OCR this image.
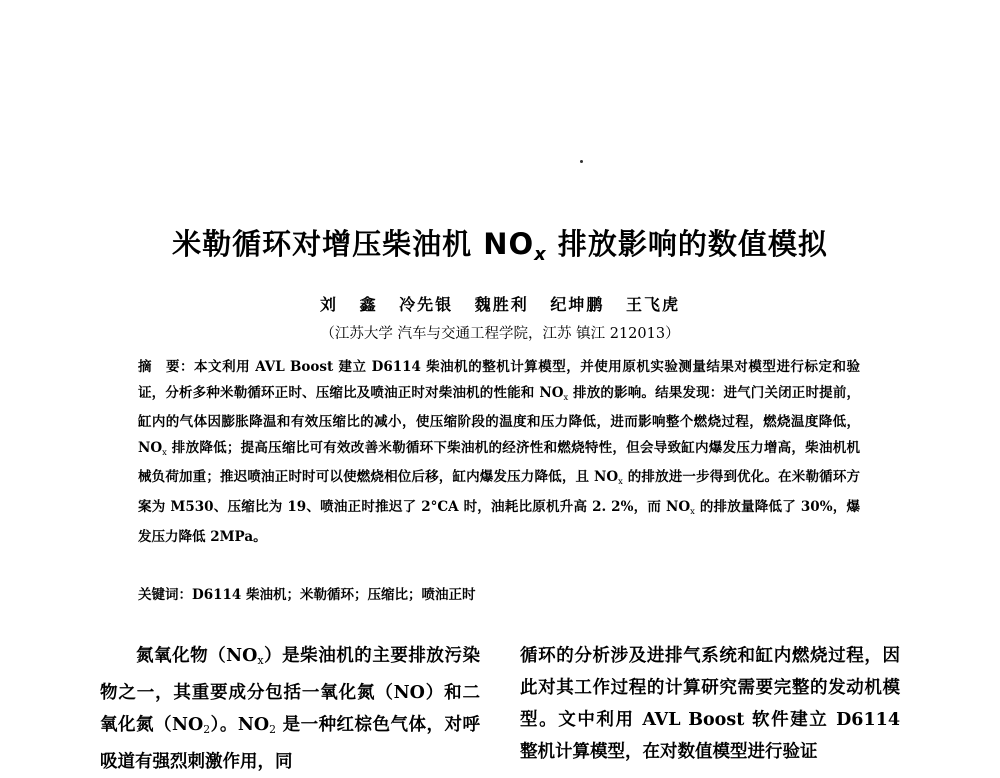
米勒循环对增压柴油机 $NO_x$ 排放影响的数值模拟
刘 鑫 冷先银 魏胜利 纪坤鹏 王飞虎
（江苏大学 汽车与交通工程学院，江苏 镇江 212013）
摘　要：本文利用 AVL Boost 建立 D6114 柴油机的整机计算模型，并使用原机实验测量结果对模型进行标定和验证，分析多种米勒循环正时、压缩比及喷油正时对柴油机的性能和 $NO_x$ 排放的影响。结果发现：进气门关闭正时提前，缸内的气体因膨胀降温和有效压缩比的减小，使压缩阶段的温度和压力降低，进而影响整个燃烧过程，燃烧温度降低，$NO_x$ 排放降低；提高压缩比可有效改善米勒循环下柴油机的经济性和燃烧特性，但会导致缸内爆发压力增高，柴油机机械负荷加重；推迟喷油正时时可以使燃烧相位后移，缸内爆发压力降低，且 $NO_x$ 的排放进一步得到优化。在米勒循环方案为 M530、压缩比为 19、喷油正时推迟了 2°CA 时，油耗比原机升高 2. 2%，而 $NO_x$ 的排放量降低了 30%，爆发压力降低 2MPa。
关键词：D6114 柴油机；米勒循环；压缩比；喷油正时

氮氧化物$(NO_x)$是柴油机的主要排放污染物之一，其重要成分包括一氧化氮（NO）和二氧化氮$(NO_2)$。$NO_2$ 是一种红棕色气体，对呼吸道有强烈刺激作用，同

循环的分析涉及进排气系统和缸内燃烧过程，因此对其工作过程的计算研究需要完整的发动机模型。文中利用 AVL Boost 软件建立 D6114 整机计算模型，在对数值模型进行验证
